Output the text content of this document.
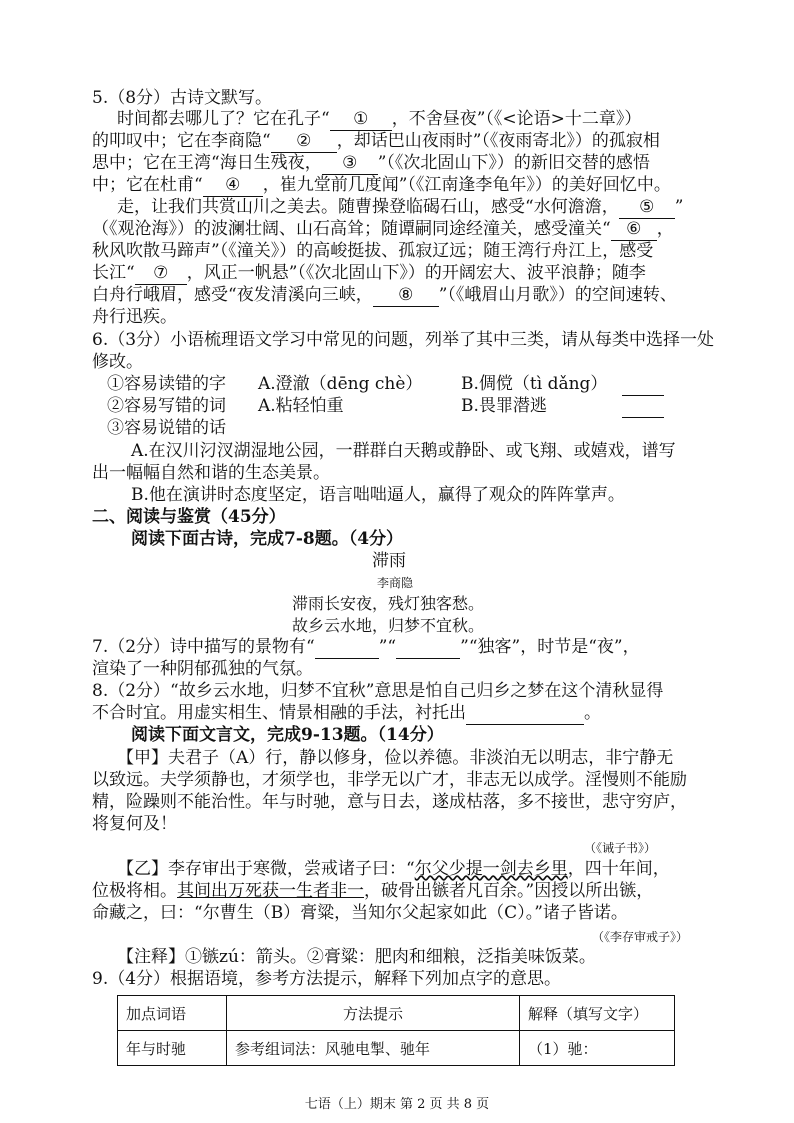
5.（8分）古诗文默写。
时间都去哪儿了？它在孔子“ ① ，不舍昼夜”（《<论语>十二章》）
的叩叹中；它在李商隐“ ② ，却话巴山夜雨时”（《夜雨寄北》）的孤寂相
思中；它在王湾“海日生残夜， ③ ”（《次北固山下》）的新旧交替的感悟
中；它在杜甫“ ④ ，崔九堂前几度闻”（《江南逢李龟年》）的美好回忆中。
走，让我们共赏山川之美去。随曹操登临碣石山，感受“水何澹澹， ⑤ ”
（《观沧海》）的波澜壮阔、山石高耸；随谭嗣同途经潼关，感受潼关“ ⑥ ，
秋风吹散马蹄声”（《潼关》）的高峻挺拔、孤寂辽远；随王湾行舟江上，感受
长江“ ⑦ ，风正一帆悬”（《次北固山下》）的开阔宏大、波平浪静；随李
白舟行峨眉，感受“夜发清溪向三峡， ⑧ ”（《峨眉山月歌》）的空间速转、
舟行迅疾。
6.（3分）小语梳理语文学习中常见的问题，列举了其中三类，请从每类中选择一处
修改。
①容易读错的字 A.澄澈（dēng chè） B.倜傥（tì dǎng）
②容易写错的词 A.粘轻怕重	B.畏罪潜逃
③容易说错的话
A.在汉川汈汊湖湿地公园，一群群白天鹅或静卧、或飞翔、或嬉戏，谱写
出一幅幅自然和谐的生态美景。
B.他在演讲时态度坚定，语言咄咄逼人，赢得了观众的阵阵掌声。
二、阅读与鉴赏（45分）
阅读下面古诗，完成7-8题。（4分）
滞雨
李商隐
滞雨长安夜，残灯独客愁。
故乡云水地，归梦不宜秋。
7.（2分）诗中描写的景物有“	”“	”“独客”，时节是“夜”，
渲染了一种阴郁孤独的气氛。
8.（2分）“故乡云水地，归梦不宜秋”意思是怕自己归乡之梦在这个清秋显得
不合时宜。用虚实相生、情景相融的手法，衬托出	。
阅读下面文言文，完成9-13题。（14分）
【甲】夫君子（A）行，静以修身，俭以养德。非淡泊无以明志，非宁静无
以致远。夫学须静也，才须学也，非学无以广才，非志无以成学。淫慢则不能励
精，险躁则不能治性。年与时驰，意与日去，遂成枯落，多不接世，悲守穷庐，
将复何及！
（《诫子书》）
【乙】李存审出于寒微，尝戒诸子曰：“尔父少提一剑去乡里，四十年间，
位极将相。其间出万死获一生者非一，破骨出镞者凡百余。”因授以所出镞，
命藏之，曰：“尔曹生（B）膏粱，当知尔父起家如此（C）。”诸子皆诺。
（《李存审戒子》）
【注释】①镞zú：箭头。②膏粱：肥肉和细粮，泛指美味饭菜。
9.（4分）根据语境，参考方法提示，解释下列加点字的意思。
加点词语	方法提示	解释（填写文字）
年与时驰	参考组词法：风驰电掣、驰年	（1）驰：
七语（上）期末 第 2 页 共 8 页
